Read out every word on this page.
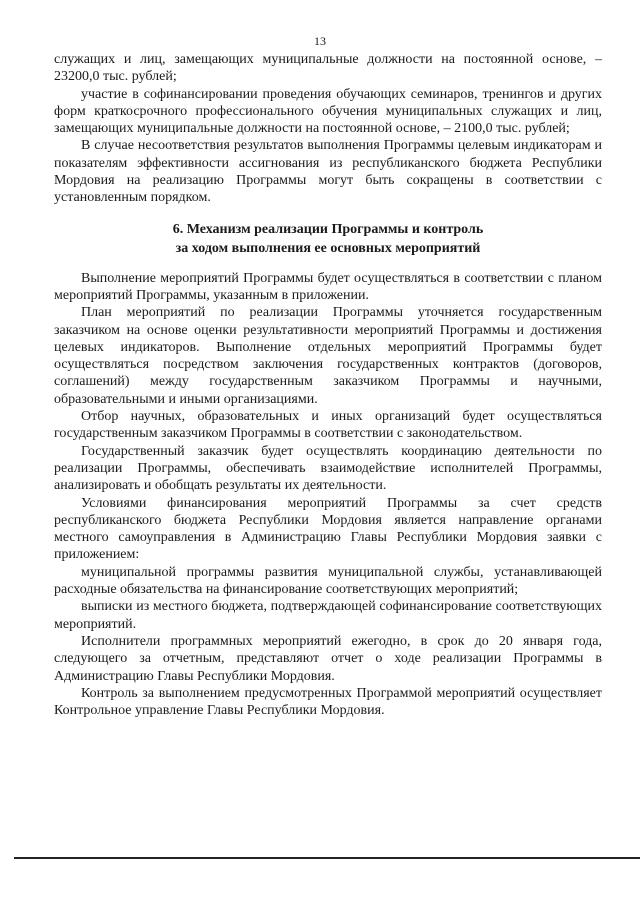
13

служащих и лиц, замещающих муниципальные должности на постоянной основе, – 23200,0 тыс. рублей;

участие в софинансировании проведения обучающих семинаров, тренингов и других форм краткосрочного профессионального обучения муниципальных служащих и лиц, замещающих муниципальные должности на постоянной основе, – 2100,0 тыс. рублей;

В случае несоответствия результатов выполнения Программы целевым индикаторам и показателям эффективности ассигнования из республиканского бюджета Республики Мордовия на реализацию Программы могут быть сокращены в соответствии с установленным порядком.

6. Механизм реализации Программы и контроль
за ходом выполнения ее основных мероприятий

Выполнение мероприятий Программы будет осуществляться в соответствии с планом мероприятий Программы, указанным в приложении.

План мероприятий по реализации Программы уточняется государственным заказчиком на основе оценки результативности мероприятий Программы и достижения целевых индикаторов. Выполнение отдельных мероприятий Программы будет осуществляться посредством заключения государственных контрактов (договоров, соглашений) между государственным заказчиком Программы и научными, образовательными и иными организациями.

Отбор научных, образовательных и иных организаций будет осуществляться государственным заказчиком Программы в соответствии с законодательством.

Государственный заказчик будет осуществлять координацию деятельности по реализации Программы, обеспечивать взаимодействие исполнителей Программы, анализировать и обобщать результаты их деятельности.

Условиями финансирования мероприятий Программы за счет средств республиканского бюджета Республики Мордовия является направление органами местного самоуправления в Администрацию Главы Республики Мордовия заявки с приложением:

муниципальной программы развития муниципальной службы, устанавливающей расходные обязательства на финансирование соответствующих мероприятий;

выписки из местного бюджета, подтверждающей софинансирование соответствующих мероприятий.

Исполнители программных мероприятий ежегодно, в срок до 20 января года, следующего за отчетным, представляют отчет о ходе реализации Программы в Администрацию Главы Республики Мордовия.

Контроль за выполнением предусмотренных Программой мероприятий осуществляет Контрольное управление Главы Республики Мордовия.
